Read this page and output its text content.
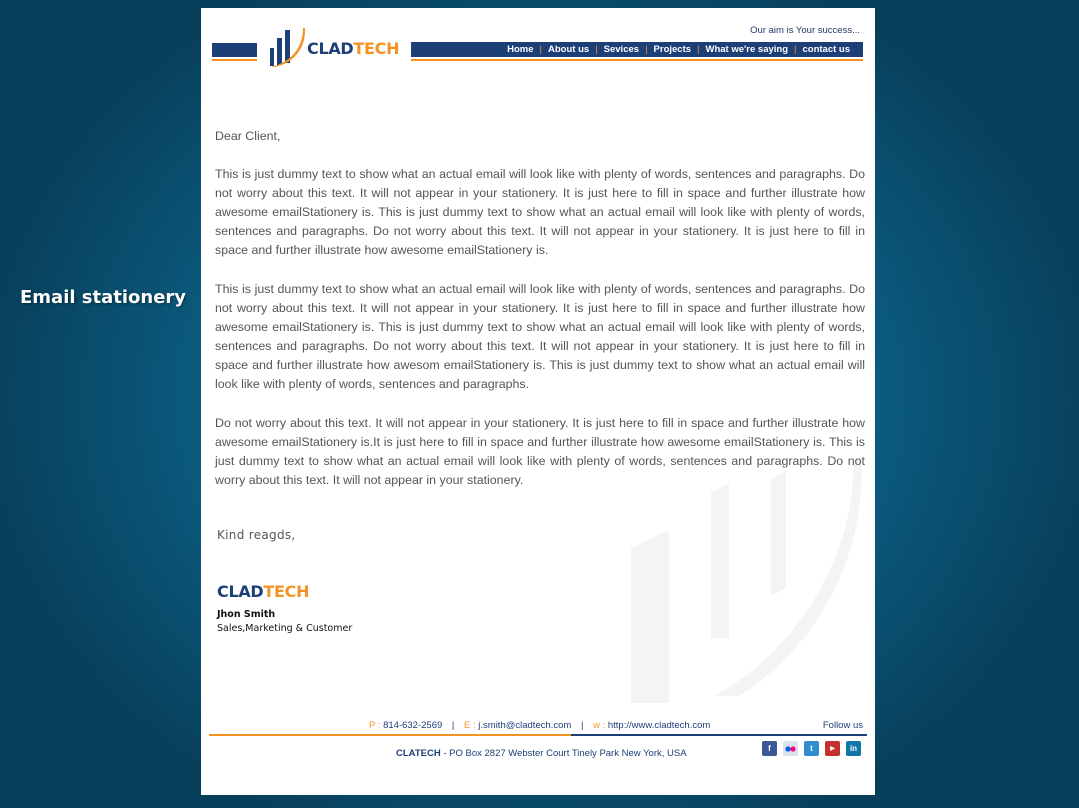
Email stationery
Our aim is Your success...
CLADTECH	Home | About us | Sevices | Projects | What we're saying | contact us
Dear Client,

This is just dummy text to show what an actual email will look like with plenty of words, sentences and paragraphs. Do not worry about this text. It will not appear in your stationery. It is just here to fill in space and further illustrate how awesome emailStationery is. This is just dummy text to show what an actual email will look like with plenty of words, sentences and paragraphs. Do not worry about this text. It will not appear in your stationery. It is just here to fill in space and further illustrate how awesome emailStationery is.

This is just dummy text to show what an actual email will look like with plenty of words, sentences and paragraphs. Do not worry about this text. It will not appear in your stationery. It is just here to fill in space and further illustrate how awesome emailStationery is. This is just dummy text to show what an actual email will look like with plenty of words, sentences and paragraphs. Do not worry about this text. It will not appear in your stationery. It is just here to fill in space and further illustrate how awesom emailStationery is. This is just dummy text to show what an actual email will look like with plenty of words, sentences and paragraphs.

Do not worry about this text. It will not appear in your stationery. It is just here to fill in space and further illustrate how awesome emailStationery is.It is just here to fill in space and further illustrate how awesome emailStationery is. This is just dummy text to show what an actual email will look like with plenty of words, sentences and paragraphs. Do not worry about this text. It will not appear in your stationery.

Kind reagds,
CLADTECH
Jhon Smith
Sales,Marketing & Customer
P : 814-632-2569 | E : j.smith@cladtech.com | w : http://www.cladtech.com	Follow us
CLATECH - PO Box 2827 Webster Court Tinely Park New York, USA	f	t	▶	in
